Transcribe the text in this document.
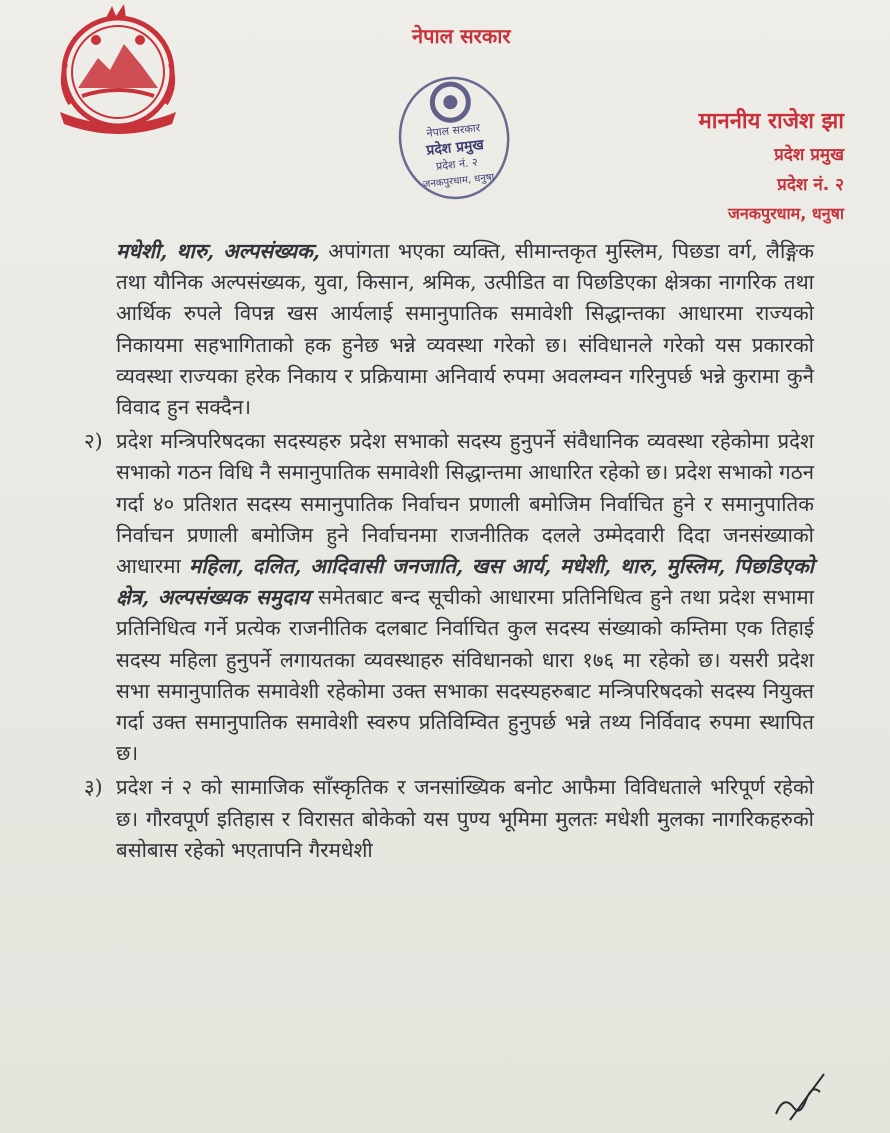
नेपाल सरकार
नेपाल सरकार
प्रदेश प्रमुख
प्रदेश नं. २
जनकपुरधाम, धनुषा
माननीय राजेश झा
प्रदेश प्रमुख
प्रदेश नं. २
जनकपुरधाम, धनुषा

मधेशी, थारु, अल्पसंख्यक, अपांगता भएका व्यक्ति, सीमान्तकृत मुस्लिम, पिछडा वर्ग, लैङ्गिक तथा यौनिक अल्पसंख्यक, युवा, किसान, श्रमिक, उत्पीडित वा पिछडिएका क्षेत्रका नागरिक तथा आर्थिक रुपले विपन्न खस आर्यलाई समानुपातिक समावेशी सिद्धान्तका आधारमा राज्यको निकायमा सहभागिताको हक हुनेछ भन्ने व्यवस्था गरेको छ। संविधानले गरेको यस प्रकारको व्यवस्था राज्यका हरेक निकाय र प्रक्रियामा अनिवार्य रुपमा अवलम्वन गरिनुपर्छ भन्ने कुरामा कुनै विवाद हुन सक्दैन।

२) प्रदेश मन्त्रिपरिषदका सदस्यहरु प्रदेश सभाको सदस्य हुनुपर्ने संवैधानिक व्यवस्था रहेकोमा प्रदेश सभाको गठन विधि नै समानुपातिक समावेशी सिद्धान्तमा आधारित रहेको छ। प्रदेश सभाको गठन गर्दा ४० प्रतिशत सदस्य समानुपातिक निर्वाचन प्रणाली बमोजिम निर्वाचित हुने र समानुपातिक निर्वाचन प्रणाली बमोजिम हुने निर्वाचनमा राजनीतिक दलले उम्मेदवारी दिदा जनसंख्याको आधारमा महिला, दलित, आदिवासी जनजाति, खस आर्य, मधेशी, थारु, मुस्लिम, पिछडिएको क्षेत्र, अल्पसंख्यक समुदाय समेतबाट बन्द सूचीको आधारमा प्रतिनिधित्व हुने तथा प्रदेश सभामा प्रतिनिधित्व गर्ने प्रत्येक राजनीतिक दलबाट निर्वाचित कुल सदस्य संख्याको कम्तिमा एक तिहाई सदस्य महिला हुनुपर्ने लगायतका व्यवस्थाहरु संविधानको धारा १७६ मा रहेको छ। यसरी प्रदेश सभा समानुपातिक समावेशी रहेकोमा उक्त सभाका सदस्यहरुबाट मन्त्रिपरिषदको सदस्य नियुक्त गर्दा उक्त समानुपातिक समावेशी स्वरुप प्रतिविम्वित हुनुपर्छ भन्ने तथ्य निर्विवाद रुपमा स्थापित छ।

३) प्रदेश नं २ को सामाजिक साँस्कृतिक र जनसांख्यिक बनोट आफैमा विविधताले भरिपूर्ण रहेको छ। गौरवपूर्ण इतिहास र विरासत बोकेको यस पुण्य भूमिमा मुलतः मधेशी मुलका नागरिकहरुको बसोबास रहेको भएतापनि गैरमधेशी
